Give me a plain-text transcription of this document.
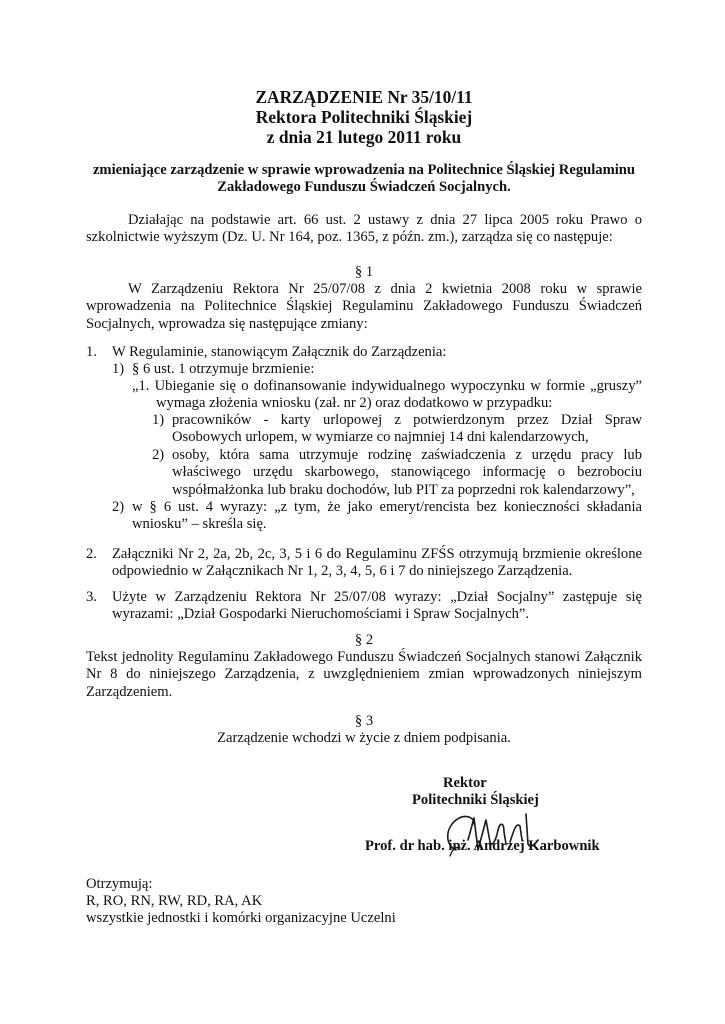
ZARZĄDZENIE Nr 35/10/11
Rektora Politechniki Śląskiej
z dnia 21 lutego 2011 roku
zmieniające zarządzenie w sprawie wprowadzenia na Politechnice Śląskiej Regulaminu Zakładowego Funduszu Świadczeń Socjalnych.

Działając na podstawie art. 66 ust. 2 ustawy z dnia 27 lipca 2005 roku Prawo o szkolnictwie wyższym (Dz. U. Nr 164, poz. 1365, z późn. zm.), zarządza się co następuje:

§ 1

W Zarządzeniu Rektora Nr 25/07/08 z dnia 2 kwietnia 2008 roku w sprawie wprowadzenia na Politechnice Śląskiej Regulaminu Zakładowego Funduszu Świadczeń Socjalnych, wprowadza się następujące zmiany:

1. W Regulaminie, stanowiącym Załącznik do Zarządzenia:
1) § 6 ust. 1 otrzymuje brzmienie:
„1. Ubieganie się o dofinansowanie indywidualnego wypoczynku w formie „gruszy”
wymaga złożenia wniosku (zał. nr 2) oraz dodatkowo w przypadku:
1) pracowników - karty urlopowej z potwierdzonym przez Dział Spraw Osobowych urlopem, w wymiarze co najmniej 14 dni kalendarzowych,

2) osoby, która sama utrzymuje rodzinę zaświadczenia z urzędu pracy lub właściwego urzędu skarbowego, stanowiącego informację o bezrobociu współmałżonka lub braku dochodów, lub PIT za poprzedni rok kalendarzowy”,

2) w § 6 ust. 4 wyrazy: „z tym, że jako emeryt/rencista bez konieczności składania wniosku” – skreśla się.

2. Załączniki Nr 2, 2a, 2b, 2c, 3, 5 i 6 do Regulaminu ZFŚS otrzymują brzmienie określone odpowiednio w Załącznikach Nr 1, 2, 3, 4, 5, 6 i 7 do niniejszego Zarządzenia.

3. Użyte w Zarządzeniu Rektora Nr 25/07/08 wyrazy: „Dział Socjalny” zastępuje się wyrazami: „Dział Gospodarki Nieruchomościami i Spraw Socjalnych”.

§ 2

Tekst jednolity Regulaminu Zakładowego Funduszu Świadczeń Socjalnych stanowi Załącznik Nr 8 do niniejszego Zarządzenia, z uwzględnieniem zmian wprowadzonych niniejszym Zarządzeniem.

§ 3
Zarządzenie wchodzi w życie z dniem podpisania.
Rektor
Politechniki Śląskiej
Prof. dr hab. inż. Andrzej Karbownik
Otrzymują:
R, RO, RN, RW, RD, RA, AK
wszystkie jednostki i komórki organizacyjne Uczelni
